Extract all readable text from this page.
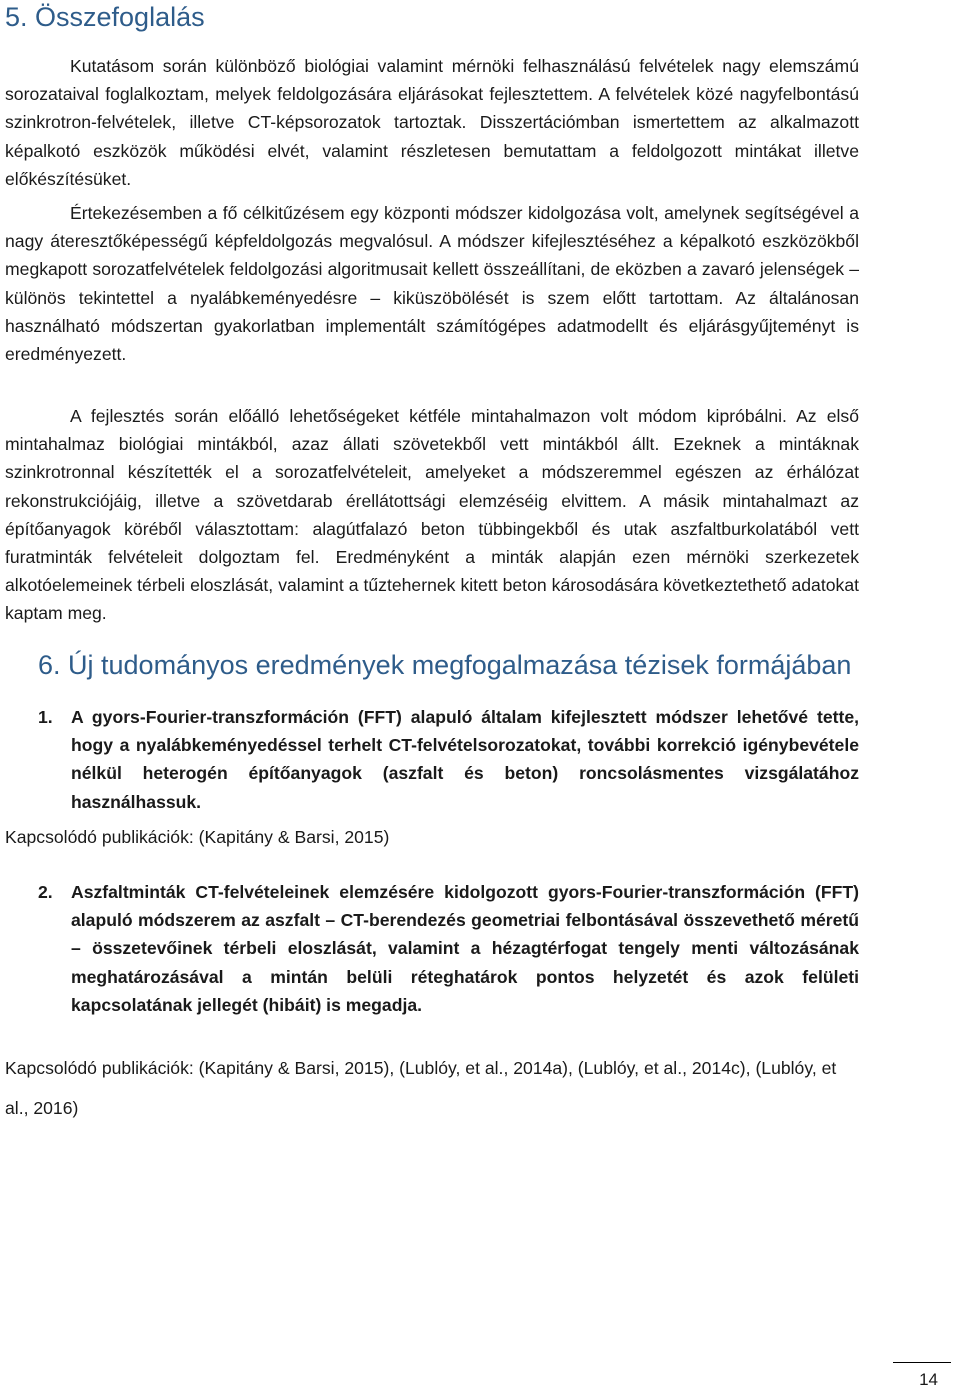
5. Összefoglalás

Kutatásom során különböző biológiai valamint mérnöki felhasználású felvételek nagy elemszámú sorozataival foglalkoztam, melyek feldolgozására eljárásokat fejlesztettem. A felvételek közé nagyfelbontású szinkrotron-felvételek, illetve CT-képsorozatok tartoztak. Disszertációmban ismertettem az alkalmazott képalkotó eszközök működési elvét, valamint részletesen bemutattam a feldolgozott mintákat illetve előkészítésüket.

Értekezésemben a fő célkitűzésem egy központi módszer kidolgozása volt, amelynek segítségével a nagy áteresztőképességű képfeldolgozás megvalósul. A módszer kifejlesztéséhez a képalkotó eszközökből megkapott sorozatfelvételek feldolgozási algoritmusait kellett összeállítani, de eközben a zavaró jelenségek – különös tekintettel a nyalábkeményedésre – kiküszöbölését is szem előtt tartottam. Az általánosan használható módszertan gyakorlatban implementált számítógépes adatmodellt és eljárásgyűjteményt is eredményezett.

A fejlesztés során előálló lehetőségeket kétféle mintahalmazon volt módom kipróbálni. Az első mintahalmaz biológiai mintákból, azaz állati szövetekből vett mintákból állt. Ezeknek a mintáknak szinkrotronnal készítették el a sorozatfelvételeit, amelyeket a módszeremmel egészen az érhálózat rekonstrukciójáig, illetve a szövetdarab érellátottsági elemzéséig elvittem. A másik mintahalmazt az építőanyagok köréből választottam: alagútfalazó beton tübbingekből és utak aszfaltburkolatából vett furatminták felvételeit dolgoztam fel. Eredményként a minták alapján ezen mérnöki szerkezetek alkotóelemeinek térbeli eloszlását, valamint a tűztehernek kitett beton károsodására következtethető adatokat kaptam meg.

6. Új tudományos eredmények megfogalmazása tézisek formájában
1. A gyors-Fourier-transzformáción (FFT) alapuló általam kifejlesztett módszer lehetővé tette, hogy a nyalábkeményedéssel terhelt CT-felvételsorozatokat, további korrekció igénybevétele nélkül heterogén építőanyagok (aszfalt és beton) roncsolásmentes vizsgálatához használhassuk.

Kapcsolódó publikációk: (Kapitány & Barsi, 2015)

2. Aszfaltminták CT-felvételeinek elemzésére kidolgozott gyors-Fourier-transzformáción (FFT) alapuló módszerem az aszfalt – CT-berendezés geometriai felbontásával összevethető méretű – összetevőinek térbeli eloszlását, valamint a hézagtérfogat tengely menti változásának meghatározásával a mintán belüli réteghatárok pontos helyzetét és azok felületi kapcsolatának jellegét (hibáit) is megadja.

Kapcsolódó publikációk: (Kapitány & Barsi, 2015), (Lublóy, et al., 2014a), (Lublóy, et al., 2014c), (Lublóy, et al., 2016)

14
